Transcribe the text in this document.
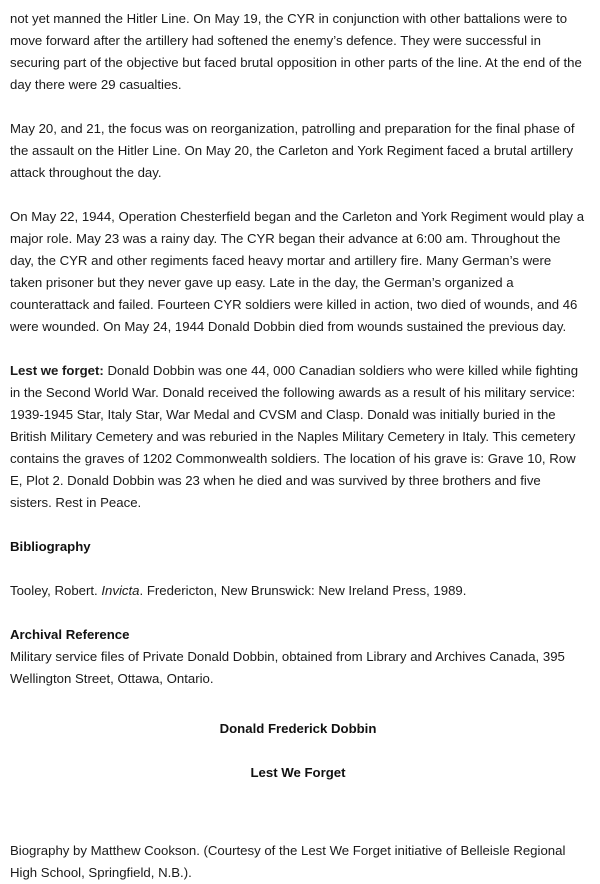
not yet manned the Hitler Line. On May 19, the CYR in conjunction with other battalions were to move forward after the artillery had softened the enemy’s defence. They were successful in securing part of the objective but faced brutal opposition in other parts of the line. At the end of the day there were 29 casualties.

May 20, and 21, the focus was on reorganization, patrolling and preparation for the final phase of the assault on the Hitler Line. On May 20, the Carleton and York Regiment faced a brutal artillery attack throughout the day.

On May 22, 1944, Operation Chesterfield began and the Carleton and York Regiment would play a major role. May 23 was a rainy day. The CYR began their advance at 6:00 am. Throughout the day, the CYR and other regiments faced heavy mortar and artillery fire. Many German’s were taken prisoner but they never gave up easy. Late in the day, the German’s organized a counterattack and failed. Fourteen CYR soldiers were killed in action, two died of wounds, and 46 were wounded. On May 24, 1944 Donald Dobbin died from wounds sustained the previous day.

Lest we forget: Donald Dobbin was one 44, 000 Canadian soldiers who were killed while fighting in the Second World War. Donald received the following awards as a result of his military service: 1939-1945 Star, Italy Star, War Medal and CVSM and Clasp. Donald was initially buried in the British Military Cemetery and was reburied in the Naples Military Cemetery in Italy. This cemetery contains the graves of 1202 Commonwealth soldiers. The location of his grave is: Grave 10, Row E, Plot 2. Donald Dobbin was 23 when he died and was survived by three brothers and five sisters. Rest in Peace.

Bibliography

Tooley, Robert. Invicta. Fredericton, New Brunswick: New Ireland Press, 1989.

Archival Reference

Military service files of Private Donald Dobbin, obtained from Library and Archives Canada, 395 Wellington Street, Ottawa, Ontario.

Donald Frederick Dobbin

Lest We Forget

Biography by Matthew Cookson. (Courtesy of the Lest We Forget initiative of Belleisle Regional High School, Springfield, N.B.).
